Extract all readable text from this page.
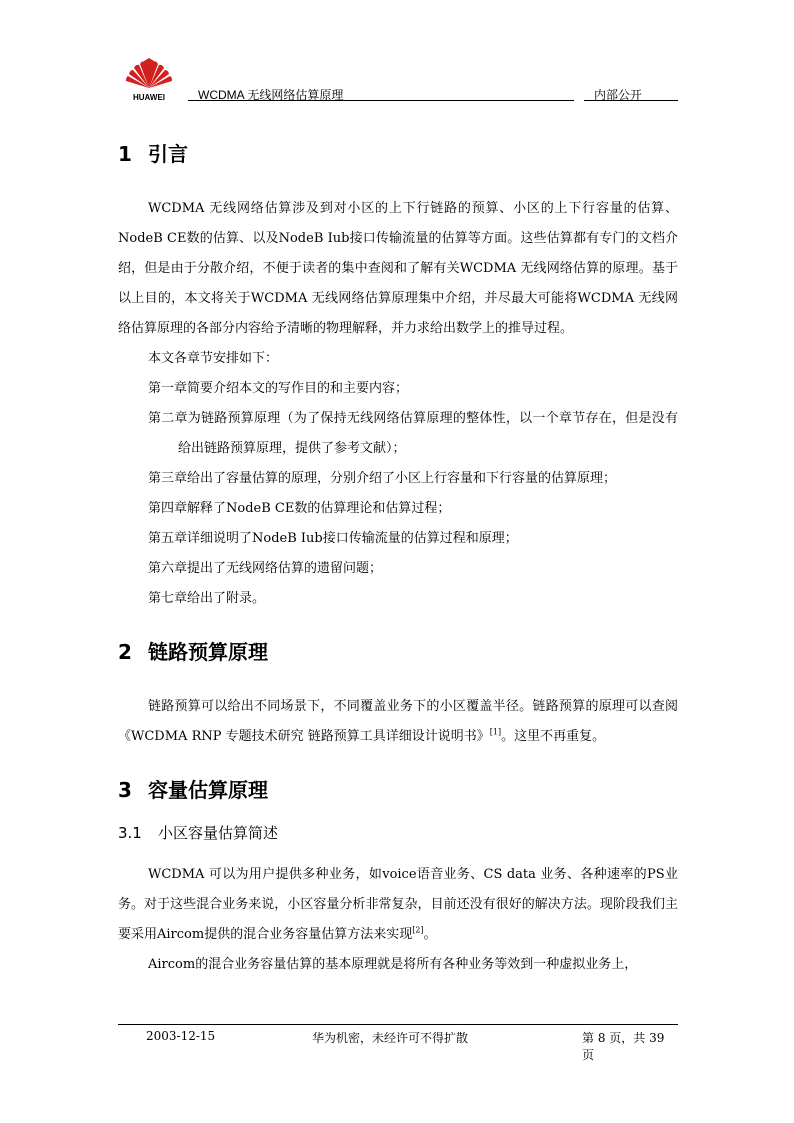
HUAWEI	WCDMA 无线网络估算原理	内部公开
1 引言

WCDMA 无线网络估算涉及到对小区的上下行链路的预算、小区的上下行容量的估算、NodeB CE数的估算、以及NodeB Iub接口传输流量的估算等方面。这些估算都有专门的文档介绍，但是由于分散介绍，不便于读者的集中查阅和了解有关WCDMA 无线网络估算的原理。基于以上目的，本文将关于WCDMA 无线网络估算原理集中介绍，并尽最大可能将WCDMA 无线网络估算原理的各部分内容给予清晰的物理解释，并力求给出数学上的推导过程。

本文各章节安排如下：

第一章简要介绍本文的写作目的和主要内容；

第二章为链路预算原理（为了保持无线网络估算原理的整体性，以一个章节存在，但是没有给出链路预算原理，提供了参考文献）；

第三章给出了容量估算的原理，分别介绍了小区上行容量和下行容量的估算原理；

第四章解释了NodeB CE数的估算理论和估算过程；

第五章详细说明了NodeB Iub接口传输流量的估算过程和原理；

第六章提出了无线网络估算的遗留问题；

第七章给出了附录。

2 链路预算原理

链路预算可以给出不同场景下，不同覆盖业务下的小区覆盖半径。链路预算的原理可以查阅《WCDMA RNP 专题技术研究 链路预算工具详细设计说明书》[1]。这里不再重复。

3 容量估算原理
3.1 小区容量估算简述

WCDMA 可以为用户提供多种业务，如voice语音业务、CS data 业务、各种速率的PS业务。对于这些混合业务来说，小区容量分析非常复杂，目前还没有很好的解决方法。现阶段我们主要采用Aircom提供的混合业务容量估算方法来实现[2]。

Aircom的混合业务容量估算的基本原理就是将所有各种业务等效到一种虚拟业务上，

2003-12-15	华为机密，未经许可不得扩散	第 8 页，共 39 页
